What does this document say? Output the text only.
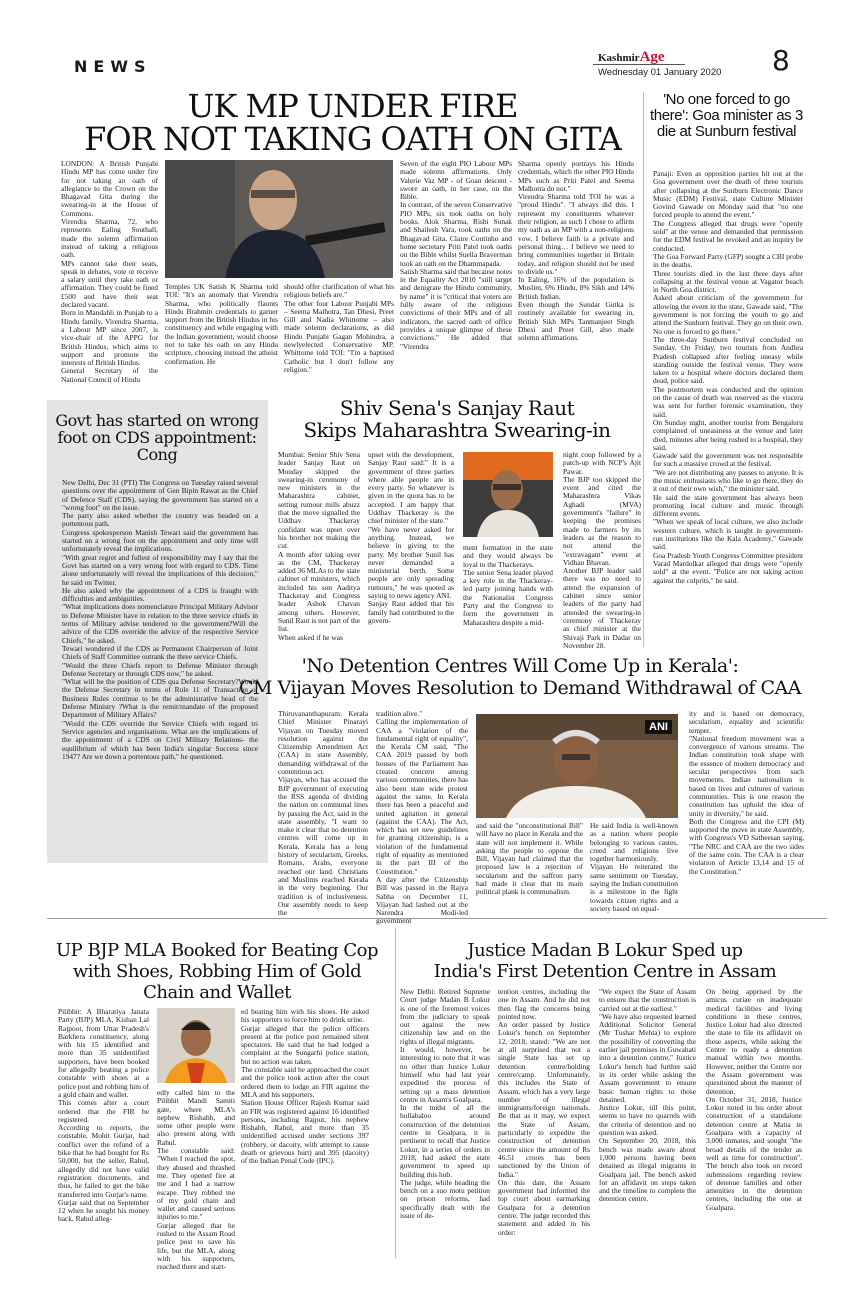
NEWS	KashmirAge
Wednesday 01 January 2020 8
UK MP UNDER FIRE
FOR NOT TAKING OATH ON GITA
LONDON: A British Punjabi Hindu MP has come under fire for not taking an oath of allegiance to the Crown on the Bhagavad Gita during the swearing-in at the House of Commons.
Virendra Sharma, 72, who represents Ealing Southall, made the solemn affirmation instead of taking a religious oath.
MPs cannot take their seats, speak in debates, vote or receive a salary until they take oath or affirmation. They could be fined £500 and have their seat declared vacant.
Born in Mandahli in Punjab to a Hindu family, Virendra Sharma, a Labour MP since 2007, is vice-chair of the APPG for British Hindus, which aims to support and promote the interests of British Hindus.
General Secretary of the National Council of Hindu
Temples UK Satish K Sharma told TOI: "It's an anomaly that Virendra Sharma, who politically flaunts Hindu Brahmin credentials to garner support from the British Hindus in his constituency and while engaging with the Indian government, would choose not to take his oath on any Hindu scripture, choosing instead the atheist confirmation. He
should offer clarification of what his religious beliefs are."
The other four Labour Punjabi MPs – Seema Malhotra, Tan Dhesi, Preet Gill and Nadia Whittome – also made solemn declarations, as did Hindu Punjabi Gagan Mohindra, a newlyelected Conservative MP. Whittome told TOI: "I'm a baptised Catholic but I don't follow any religion."
Seven of the eight PIO Labour MPs made solemn affirmations. Only Valerie Vaz MP - of Goan descent - swore an oath, in her case, on the Bible.
In contrast, of the seven Conservative PIO MPs, six took oaths on holy books. Alok Sharma, Rishi Sunak and Shailesh Vara, took oaths on the Bhagavad Gita. Claire Coutinho and home secretary Priti Patel took oaths on the Bible whilst Suella Braverman took an oath on the Dhammapada.
Satish Sharma said that because notes in the Equality Act 2010 "still target and denigrate the Hindu community, by name" it is "critical that voters are fully aware of the religious convictions of their MPs and of all indicators, the sacred oath of office provides a unique glimpse of these convictions." He added that "Virendra
Sharma openly portrays his Hindu credentials, which the other PIO Hindu MPs such as Priti Patel and Seema Malhotra do not."
Virendra Sharma told TOI he was a "proud Hindu". "I always did this. I represent my constituents whatever their religion, as such I chose to affirm my oath as an MP with a non-religious vow. I believe faith is a private and personal thing… I believe we need to bring communities together in Britain today, and religion should not be used to divide us."
In Ealing, 16% of the population is Muslim, 6% Hindu, 8% Sikh and 14% British Indian.
Even though the Sundar Gutka is routinely available for swearing in, British Sikh MPs Tanmanjeet Singh Dhesi and Preet Gill, also made solemn affirmations.
'No one forced to go there': Goa minister as 3 die at Sunburn festival
Panaji: Even as opposition parties hit out at the Goa government over the death of three tourists after collapsing at the Sunburn Electronic Dance Music (EDM) Festival, state Culture Minister Govind Gawade on Monday said that "no one forced people to attend the event."
The Congress alleged that drugs were "openly sold" at the venue and demanded that permission for the EDM festival be revoked and an inquiry be conducted.
The Goa Forward Party (GFP) sought a CBI probe in the deaths.
Three tourists died in the last three days after collapsing at the festival venue at Vagator beach in North Goa district.
Asked about criticism of the government for allowing the event in the state, Gawade said, "The government is not forcing the youth to go and attend the Sunburn festival. They go on their own. No one is forced to go there."
The three-day Sunburn festival concluded on Sunday. On Friday, two tourists from Andhra Pradesh collapsed after feeling uneasy while standing outside the festival venue. They were taken to a hospital where doctors declared them dead, police said.
The postmortem was conducted and the opinion on the cause of death was reserved as the viscera was sent for further forensic examination, they said.
On Sunday night, another tourist from Bengaluru complained of uneasiness at the venue and later died, minutes after being rushed to a hospital, they said.
Gawade said the government was not responsible for such a massive crowd at the festival.
"We are not distributing any passes to anyone. It is the music enthusiasts who like to go there, they do it out of their own wish," the minister said.
He said the state government has always been promoting local culture and music through different events.
"When we speak of local culture, we also include western culture, which is taught in government-run institutions like the Kala Academy," Gawade said.
Goa Pradesh Youth Congress Committee president Varad Mardolkar alleged that drugs were "openly sold" at the event. "Police are not taking action against the culprits," he said.
Govt has started on wrong foot on CDS appointment: Cong
New Delhi, Dec 31 (PTI) The Congress on Tuesday raised several questions over the appointment of Gen Bipin Rawat as the Chief of Defence Staff (CDS), saying the government has started on a "wrong foot" on the issue.
The party also asked whether the country was headed on a portentous path.
Congress spokesperson Manish Tewari said the government has started on a wrong foot on the appointment and only time will unfortunately reveal the implications.
"With great regret and fullest of responsibility may I say that the Govt has started on a very wrong foot with regard to CDS. Time alone unfortunately will reveal the implications of this decision," he said on Twitter.
He also asked why the appointment of a CDS is fraught with difficulties and ambiguities.
"What implications does nomenclature Principal Military Advisor to Defense Minister have in relation to the three service chiefs in terms of Military advise tendered to the government?Will the advice of the CDS override the advice of the respective Service Chiefs," he asked.
Tewari wondered if the CDS as Permanent Chairperson of Joint Chiefs of Staff Committee outrank the three service Chiefs.
"Would the three Chiefs report to Defense Minister through Defense Secretary or through CDS now," he asked.
"What will be the position of CDS qua Defense Secretary?Would the Defense Secretary in terms of Rule 11 of Transaction of Business Rules continue to be the administrative head of the Defense Ministry ?What is the remit/mandate of the proposed Department of Military Affairs?
"Would the CDS override the Service Chiefs with regard tri Service agencies and organisations. What are the implications of the appointment of a CDS on Civil Military Relations- the equilibrium of which has been India's singular Success since 1947? Are we down a portentous path," he questioned.
Shiv Sena's Sanjay Raut
Skips Maharashtra Swearing-in
Mumbai: Senior Shiv Sena leader Sanjay Raut on Monday skipped the swearing-in ceremony of new ministers in the Maharashtra cabinet, setting rumour mills abuzz that the move signalled the Uddhav Thackeray confidant was upset over his brother not making the cut.
A month after taking over as the CM, Thackeray added 36 MLAs to the state cabinet of ministers, which included his son Aaditya Thackeray and Congress leader Ashok Chavan among others. However, Sunil Raut is not part of the list.
When asked if he was
upset with the development, Sanjay Raut said:" It is a government of three parties where able people are in every party. So whatever is given in the quota has to be accepted. I am happy that Uddhav Thackeray is the chief minister of the state."
"We have never asked for anything. Instead, we believe in giving to the party. My brother Sunil has never demanded a ministerial berth. Some people are only spreading rumours," he was quoted as saying to news agency ANI.
Sanjay Raut added that his family had contributed to the govern-
ment formation in the state and they would always be loyal to the Thackerays.
The senior Sena leader played a key role in the Thackeray-led party joining hands with the Nationalist Congress Party and the Congress to form the government in Maharashtra despite a mid-
night coup followed by a patch-up with NCP's Ajit Pawar.
The BJP too skipped the event and cited the Maharashtra Vikas Aghadi (MVA) government's "failure" in keeping the promises made to farmers by its leaders as the reason to not attend the "extravagant" event at Vidhan Bhavan.
Another BJP leader said there was no need to attend the expansion of cabinet since senior leaders of the party had attended the swearing-in ceremony of Thackeray as chief minister at the Shivaji Park in Dadar on November 28.
'No Detention Centres Will Come Up in Kerala':
CM Vijayan Moves Resolution to Demand Withdrawal of CAA
Thiruvananthapuram: Kerala Chief Minister Pinarayi Vijayan on Tuesday moved resolution against the Citizenship Amendment Act (CAA) in state Assembly, demanding withdrawal of the contentious act.
Vijayan, who has accused the BJP government of executing the RSS agenda of dividing the nation on communal lines by passing the Act, said in the state assembly, "I want to make it clear that no detention centres will come up in Kerala. Kerala has a long history of secularism, Greeks, Romans, Arabs, everyone reached our land. Christians and Muslims reached Kerala in the very beginning. Our tradition is of inclusiveness. Our assembly needs to keep the
tradition alive."
Calling the implementation of CAA a "violation of the fundamental right of equality", the Kerala CM said, "The CAA 2019 passed by both houses of the Parliament has created concern among various communities, there has also been state wide protest against the same. In Kerala there has been a peaceful and united agitation in general (against the CAA). The Act, which has set new guidelines for granting citizenship, is a violation of the fundamental right of equality as mentioned in the part III of the Constitution."
A day after the Citizenship Bill was passed in the Rajya Sabha on December 11, Vijayan had lashed out at the Narendra Modi-led government
ANI
and said the "unconstitutional Bill" will have no place in Kerala and the state will not implement it. While asking the people to oppose the Bill, Vijayan had claimed that the proposed law is a rejection of secularism and the saffron party had made it clear that its main political plank is communalism.
He said India is well-known as a nation where people belonging to various castes, creed and religions live together harmoniously.
Vijayan He reiterated the same sentiment on Tuesday, saying the Indian constitution is a milestone in the fight towards citizen rights and a society based on equal-
ity and is based on democracy, secularism, equality and scientific temper.
"National freedom movement was a convergence of various streams. The Indian constitution took shape with the essence of modern democracy and secular perspectives from such movements. Indian nationalism is based on lives and cultures of various communities. This is one reason the constitution has uphold the idea of unity in diversity," he said.
Both the Congress and the CPI (M) supported the move in state Assembly, with Congress's VD Satheesan saying, "The NRC and CAA are the two sides of the same coin. The CAA is a clear violation of Article 13,14 and 15 of the Constitution."
UP BJP MLA Booked for Beating Cop with Shoes, Robbing Him of Gold Chain and Wallet
Pilibhit: A Bharatiya Janata Party (BJP) MLA, Kishan Lal Rajpoot, from Uttar Pradesh's Barkhera constituency, along with his 15 identified and more than 35 unidentified supporters, have been booked for allegedly beating a police constable with shoes at a police post and robbing him of a gold chain and wallet.
This comes after a court ordered that the FIR be registered.
According to reports, the constable, Mohit Gurjar, had conflict over the refund of a bike that he had bought for Rs 50,000, but the seller, Rahul, allegedly did not have valid registration documents, and thus, he failed to get the bike transferred into Gurjar's name.
Gurjar said that on September 12 when he sought his money back, Rahul alleg-
edly called him to the Pilibhit Mandi Samiti gate, where MLA's nephew Rishabh, and some other people were also present along with Rahul.
The constable said: "When I reached the spot, they abused and thrashed me. They opened fire at me and I had a narrow escape. They robbed me of my gold chain and wallet and caused serious injuries to me."
Gurjar alleged that he rushed to the Assam Road police post to save his life, but the MLA, along with his supporters, reached there and start-
ed beating him with his shoes. He asked his supporters to force him to drink urine.
Gurjar alleged that the police officers present at the police post remained silent spectators. He said that he had lodged a complaint at the Sungarhi police station, but no action was taken.
The constable said he approached the court and the police took action after the court ordered them to lodge an FIR against the MLA and his supporters.
Station House Officer Rajesh Kumar said an FIR was registered against 16 identified persons, including Rajput, his nephew Rishabh, Rahul, and more than 35 unidentified accused under sections 397 (robbery, or dacoity, with attempt to cause death or grievous hurt) and 395 (dacoity) of the Indian Penal Code (IPC).
Justice Madan B Lokur Sped up
India's First Detention Centre in Assam
New Delhi: Retired Supreme Court judge Madan B Lokur is one of the foremost voices from the judiciary to speak out against the new citizenship law and on the rights of illegal migrants.
It would, however, be interesting to note that it was no other than Justice Lokur himself who had last year expedited the process of setting up a mass detention centre in Assam's Goalpara.
In the midst of all the hullabaloo around construction of the detention centre in Goalpara, it is pertinent to recall that Justice Lokur, in a series of orders in 2018, had asked the state government to speed up building this hub.
The judge, while heading the bench on a suo motu petition on prison reforms, had specifically dealt with the issue of de-
tention centres, including the one in Assam. And he did not then flag the concerns being pointed now.
An order passed by Justice Lokur's bench on September 12, 2018, stated: "We are not at all surprised that not a single State has set up detention centre/holding centre/camp. Unfortunately, this includes the State of Assam, which has a very large number of illegal immigrants/foreign nationals. Be that as it may, we expect the State of Assam, particularly to expedite the construction of detention centre since the amount of Rs 46.51 crores has been sanctioned by the Union of India."
On this date, the Assam government had informed the top court about earmarking Goalpara for a detention centre. The judge recorded this statement and added in his order:
"We expect the State of Assam to ensure that the construction is carried out at the earliest."
"We have also requested learned Additional Solicitor General (Mr Tushar Mehta) to explore the possibility of converting the earlier jail premises in Guwahati into a detention centre," Justice Lokur's bench had further said in its order while asking the Assam government to ensure basic human rights to those detained.
Justice Lokur, till this point, seems to have no quarrels with the criteria of detention and no question was asked.
On September 20, 2018, this bench was made aware about 1,000 persons having been detained as illegal migrants in Goalpara jail. The bench asked for an affidavit on steps taken and the timeline to complete the detention centre.
On being apprised by the amicus curiae on inadequate medical facilities and living conditions in these centres, Justice Lokur had also directed the state to file its affidavit on these aspects, while asking the Centre to ready a detention manual within two months. However, neither the Centre nor the Assam government was questioned about the manner of detention.
On October 31, 2018, Justice Lokur noted in his order about construction of a standalone detention centre at Matia in Goalpara with a capacity of 3,000 inmates, and sought "the broad details of the tender as well as time for construction". The bench also took on record submissions regarding review of detenue families and other amenities in the detention centres, including the one at Goalpara.
